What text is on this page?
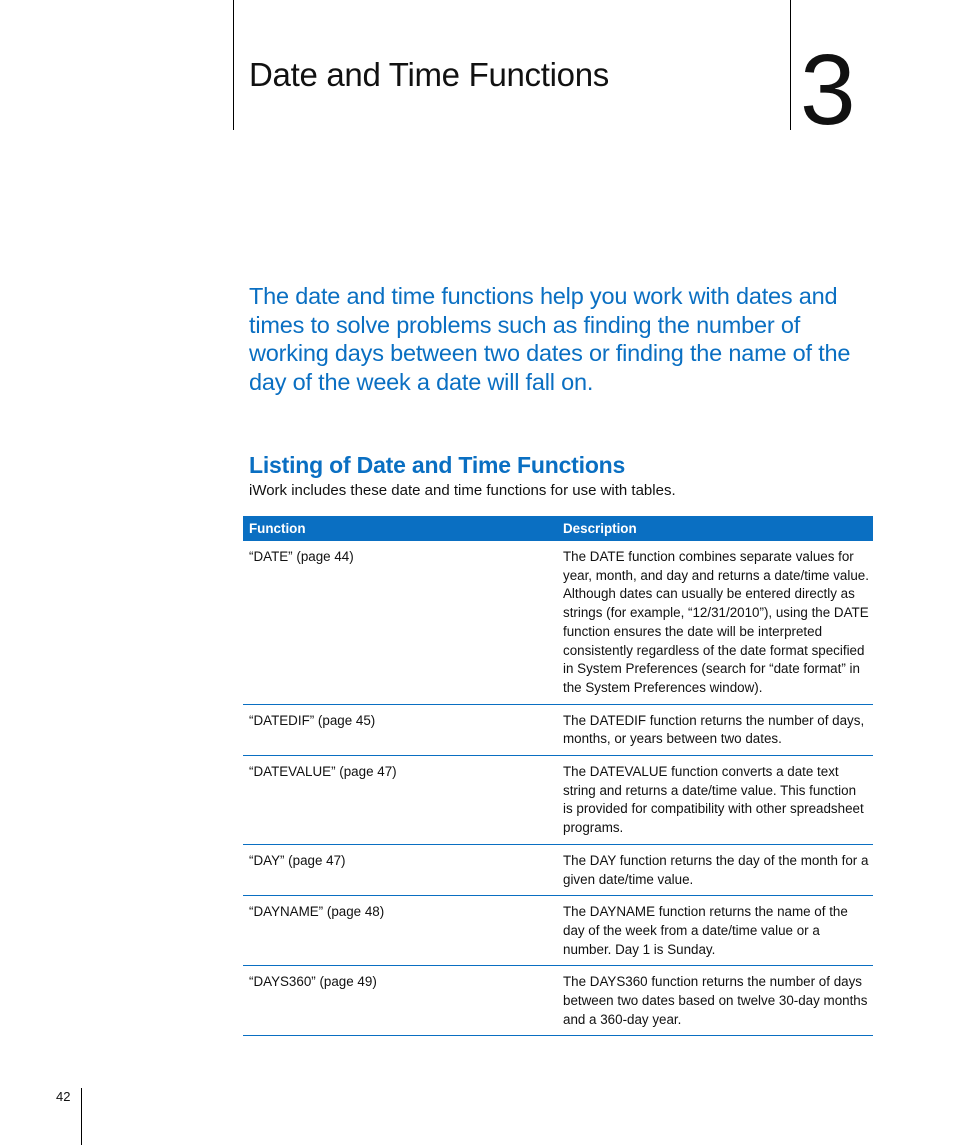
Date and Time Functions 3

The date and time functions help you work with dates and times to solve problems such as finding the number of working days between two dates or finding the name of the day of the week a date will fall on.

Listing of Date and Time Functions

iWork includes these date and time functions for use with tables.

Function	Description
“DATE” (page 44)	The DATE function combines separate values for year, month, and day and returns a date/time value. Although dates can usually be entered directly as strings (for example, “12/31/2010”), using the DATE function ensures the date will be interpreted consistently regardless of the date format specified in System Preferences (search for “date format” in the System Preferences window).
“DATEDIF” (page 45)	The DATEDIF function returns the number of days, months, or years between two dates.
“DATEVALUE” (page 47)	The DATEVALUE function converts a date text string and returns a date/time value. This function is provided for compatibility with other spreadsheet programs.
“DAY” (page 47)	The DAY function returns the day of the month for a given date/time value.
“DAYNAME” (page 48)	The DAYNAME function returns the name of the day of the week from a date/time value or a number. Day 1 is Sunday.
“DAYS360” (page 49)	The DAYS360 function returns the number of days between two dates based on twelve 30-day months and a 360-day year.
42
